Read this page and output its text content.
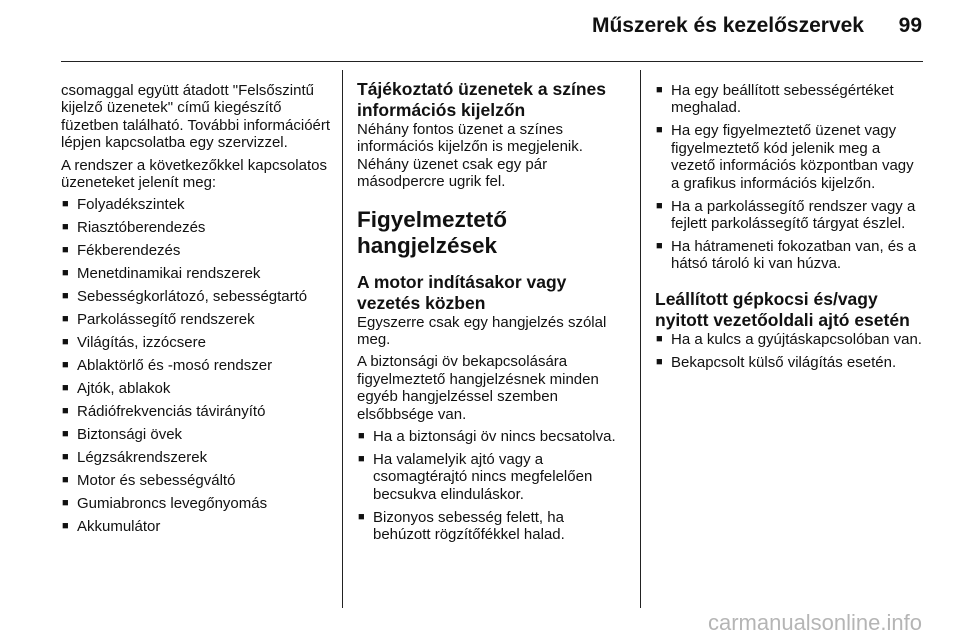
Műszerek és kezelőszervek 99

csomaggal együtt átadott "Felsőszintű kijelző üzenetek" című kiegészítő füzetben található. További információért lépjen kapcsolatba egy szervizzel.

A rendszer a következőkkel kapcsolatos üzeneteket jelenít meg:

■ Folyadékszintek
■ Riasztóberendezés
■ Fékberendezés
■ Menetdinamikai rendszerek
■ Sebességkorlátozó, sebességtartó
■ Parkolássegítő rendszerek
■ Világítás, izzócsere
■ Ablaktörlő és -mosó rendszer
■ Ajtók, ablakok
■ Rádiófrekvenciás távirányító
■ Biztonsági övek
■ Légzsákrendszerek
■ Motor és sebességváltó
■ Gumiabroncs levegőnyomás
■ Akkumulátor
Tájékoztató üzenetek a színes információs kijelzőn

Néhány fontos üzenet a színes információs kijelzőn is megjelenik. Néhány üzenet csak egy pár másodpercre ugrik fel.

Figyelmeztető hangjelzések
A motor indításakor vagy vezetés közben

Egyszerre csak egy hangjelzés szólal meg.

A biztonsági öv bekapcsolására figyelmeztető hangjelzésnek minden egyéb hangjelzéssel szemben elsőbbsége van.

■ Ha a biztonsági öv nincs becsatolva.
■ Ha valamelyik ajtó vagy a csomagtérajtó nincs megfelelően becsukva elinduláskor.
■ Bizonyos sebesség felett, ha behúzott rögzítőfékkel halad.
■ Ha egy beállított sebességértéket meghalad.
■ Ha egy figyelmeztető üzenet vagy figyelmeztető kód jelenik meg a vezető információs központban vagy a grafikus információs kijelzőn.
■ Ha a parkolássegítő rendszer vagy a fejlett parkolássegítő tárgyat észlel.
■ Ha hátrameneti fokozatban van, és a hátsó tároló ki van húzva.
Leállított gépkocsi és/vagy nyitott vezetőoldali ajtó esetén
■ Ha a kulcs a gyújtáskapcsolóban van.
■ Bekapcsolt külső világítás esetén.
carmanualsonline.info
